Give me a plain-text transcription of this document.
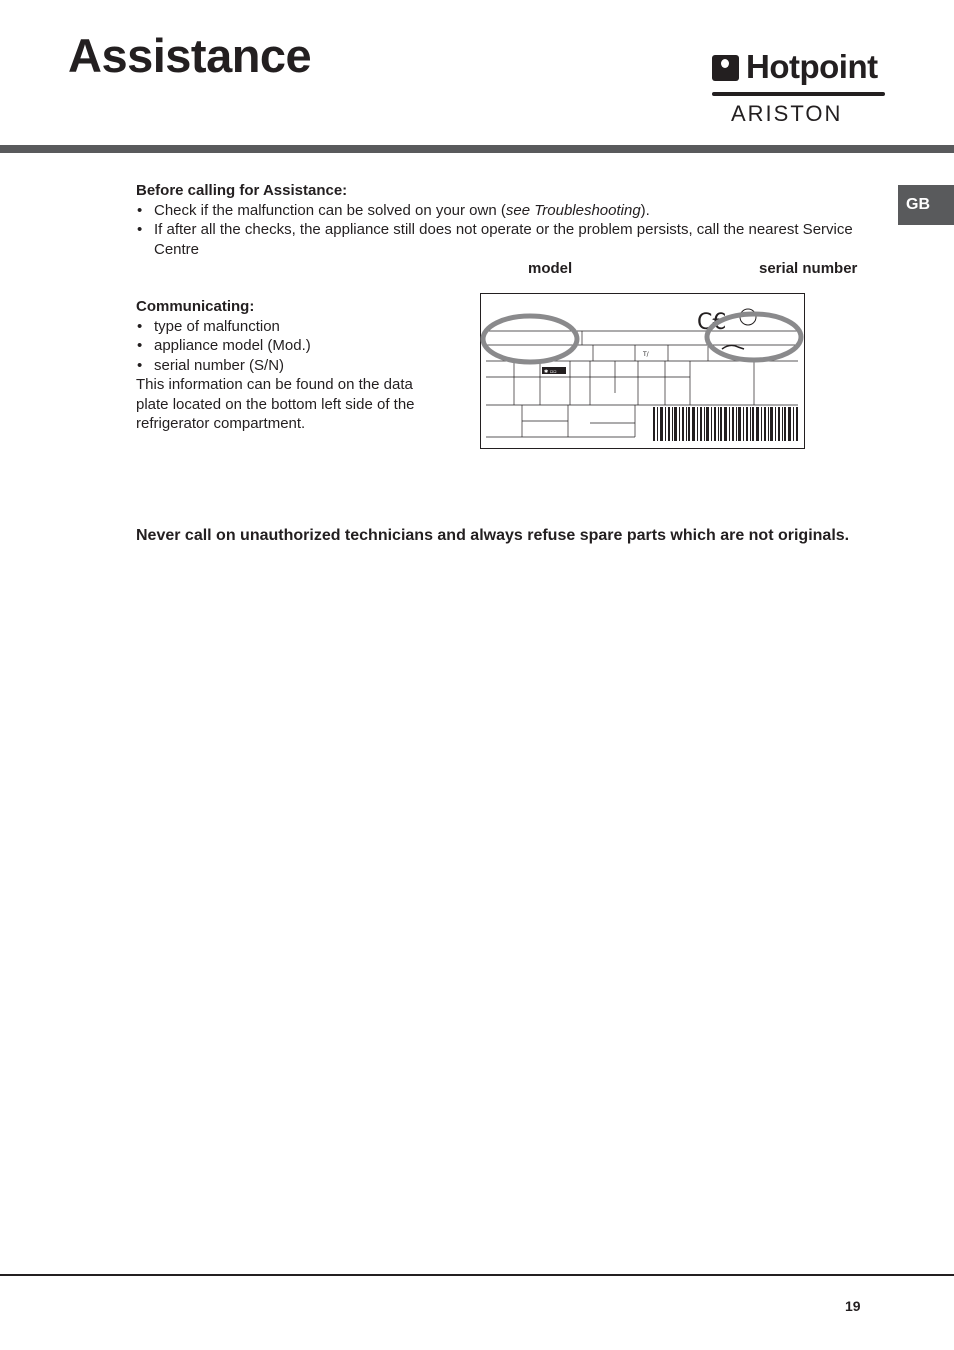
Assistance	Hotpoint
ARISTON
GB
Before calling for Assistance:
• Check if the malfunction can be solved on your own (see Troubleshooting).
• If after all the checks, the appliance still does not operate or the problem persists, call the nearest Service Centre
Communicating:
• type of malfunction
• appliance model (Mod.)
• serial number (S/N)
This information can be found on the data plate located on the bottom left side of the refrigerator compartment.
model	serial number
T/
C€
✱ ▫▫
Never call on unauthorized technicians and always refuse spare parts which are not originals.
19
